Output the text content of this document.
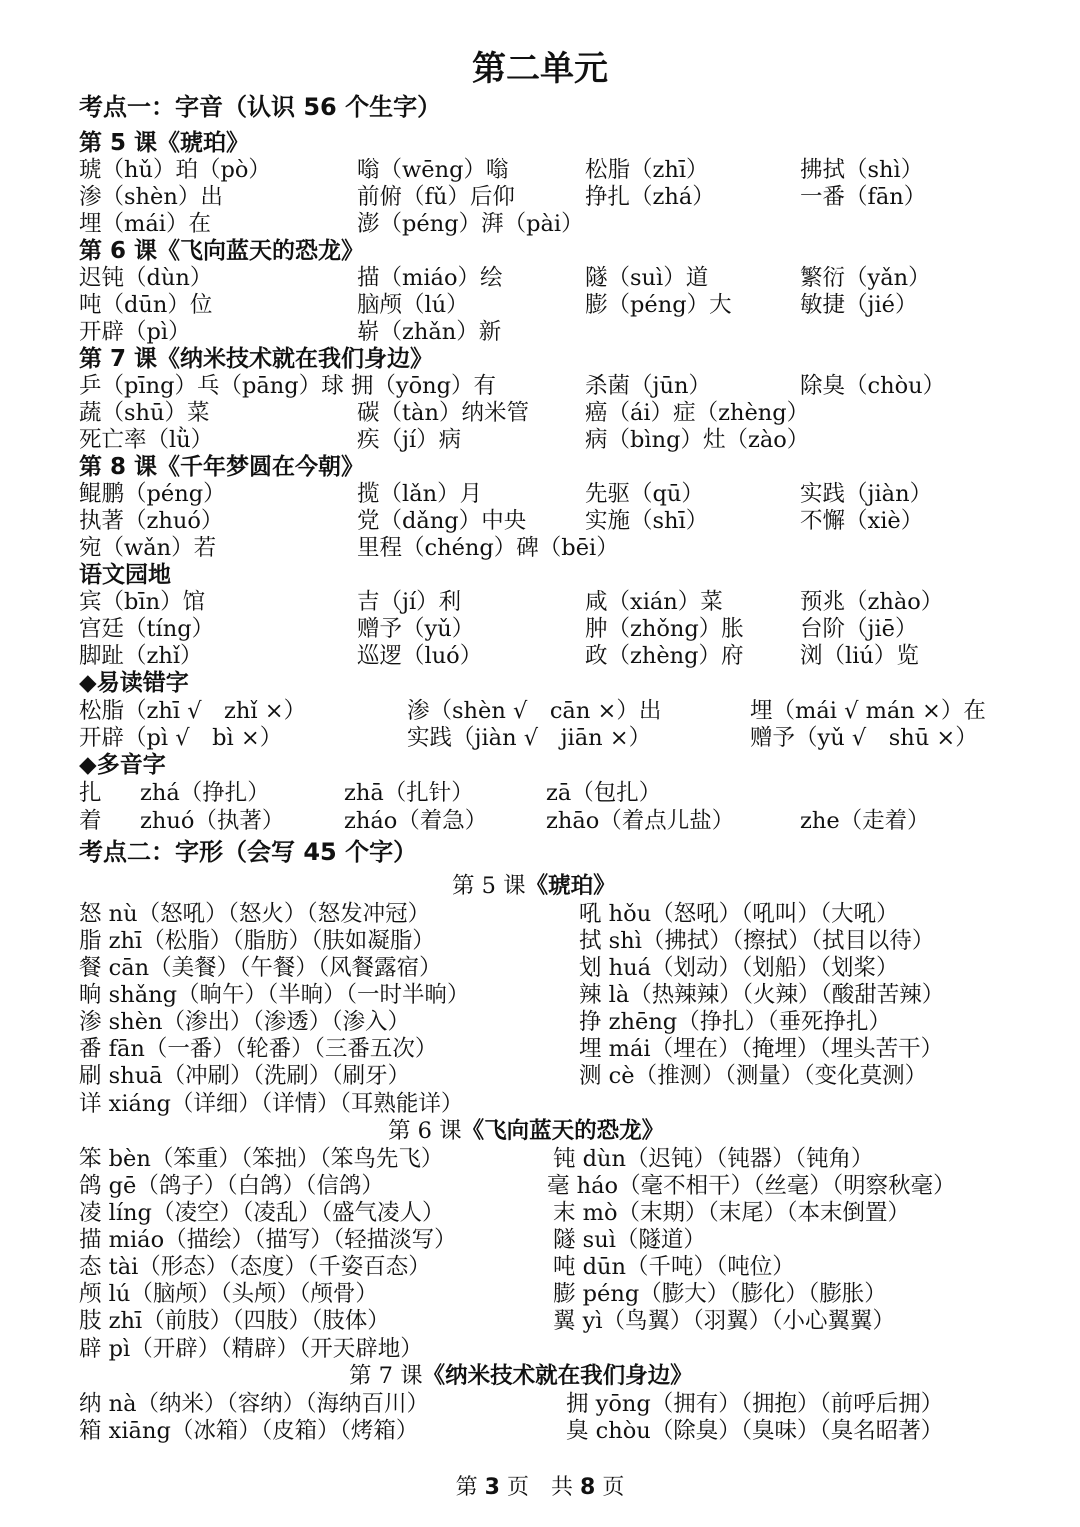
第二单元
考点一：字音（认识 56 个生字）
第 5 课《琥珀》
琥（hǔ）珀（pò）	嗡（wēng）嗡	松脂（zhī）	拂拭（shì）
渗（shèn）出	前俯（fǔ）后仰	挣扎（zhá）	一番（fān）
埋（mái）在	澎（péng）湃（pài）
第 6 课《飞向蓝天的恐龙》
迟钝（dùn）	描（miáo）绘	隧（suì）道	繁衍（yǎn）
吨（dūn）位	脑颅（lú）	膨（péng）大	敏捷（jié）
开辟（pì）	崭（zhǎn）新
第 7 课《纳米技术就在我们身边》
乒（pīng）乓（pāng）球 拥（yōng）有	杀菌（jūn）	除臭（chòu）
蔬（shū）菜	碳（tàn）纳米管 癌（ái）症（zhèng）
死亡率（lǜ）	疾（jí）病	病（bìng）灶（zào）
第 8 课《千年梦圆在今朝》
鲲鹏（péng）	揽（lǎn）月	先驱（qū）	实践（jiàn）
执著（zhuó）	党（dǎng）中央	实施（shī）	不懈（xiè）
宛（wǎn）若	里程（chéng）碑（bēi）
语文园地
宾（bīn）馆	吉（jí）利	咸（xián）菜	预兆（zhào）
宫廷（tíng）	赠予（yǔ）	肿（zhǒng）胀 台阶（jiē）
脚趾（zhǐ）	巡逻（luó）	政（zhèng）府	浏（liú）览
◆易读错字
松脂（zhī √　zhǐ ×）	渗（shèn √　cān ×）出	埋（mái √ mán ×）在
开辟（pì √　bì ×）	实践（jiàn √　jiān ×）	赠予（yǔ √　shū ×）
◆多音字
扎 zhá（挣扎）	zhā（扎针）	zā（包扎）
着 zhuó（执著）	zháo（着急）	zhāo（着点儿盐）	zhe（走着）
考点二：字形（会写 45 个字）
第 5 课《琥珀》
怒 nù（怒吼）（怒火）（怒发冲冠）	吼 hǒu（怒吼）（吼叫）（大吼）
脂 zhī（松脂）（脂肪）（肤如凝脂）	拭 shì（拂拭）（擦拭）（拭目以待）
餐 cān（美餐）（午餐）（风餐露宿）	划 huá（划动）（划船）（划桨）
晌 shǎng（晌午）（半晌）（一时半晌）	辣 là（热辣辣）（火辣）（酸甜苦辣）
渗 shèn（渗出）（渗透）（渗入）	挣 zhēng（挣扎）（垂死挣扎）
番 fān（一番）（轮番）（三番五次）	埋 mái（埋在）（掩埋）（埋头苦干）
刷 shuā（冲刷）（洗刷）（刷牙）	测 cè（推测）（测量）（变化莫测）
详 xiáng（详细）（详情）（耳熟能详）
第 6 课《飞向蓝天的恐龙》
笨 bèn（笨重）（笨拙）（笨鸟先飞）	钝 dùn（迟钝）（钝器）（钝角）
鸽 gē（鸽子）（白鸽）（信鸽）	毫 háo（毫不相干）（丝毫）（明察秋毫）
凌 líng（凌空）（凌乱）（盛气凌人）	末 mò（末期）（末尾）（本末倒置）
描 miáo（描绘）（描写）（轻描淡写）	隧 suì（隧道）
态 tài（形态）（态度）（千姿百态）	吨 dūn（千吨）（吨位）
颅 lú（脑颅）（头颅）（颅骨）	膨 péng（膨大）（膨化）（膨胀）
肢 zhī（前肢）（四肢）（肢体）	翼 yì（鸟翼）（羽翼）（小心翼翼）
辟 pì（开辟）（精辟）（开天辟地）
第 7 课《纳米技术就在我们身边》
纳 nà（纳米）（容纳）（海纳百川）	拥 yōng（拥有）（拥抱）（前呼后拥）
箱 xiāng（冰箱）（皮箱）（烤箱）	臭 chòu（除臭）（臭味）（臭名昭著）
第 3 页　共 8 页
